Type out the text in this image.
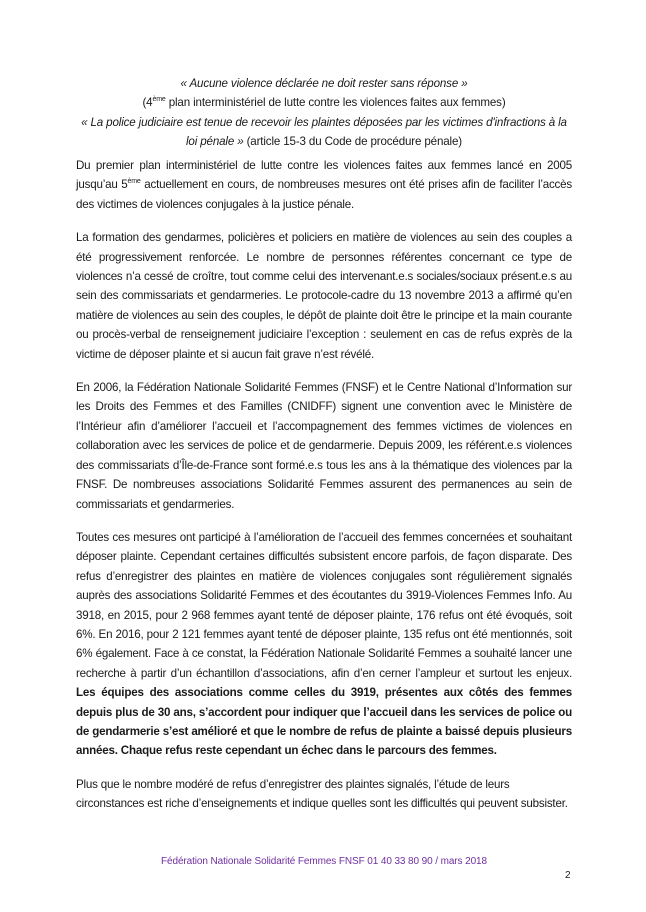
« Aucune violence déclarée ne doit rester sans réponse »
(4ème plan interministériel de lutte contre les violences faites aux femmes)
« La police judiciaire est tenue de recevoir les plaintes déposées par les victimes d'infractions à la loi pénale » (article 15-3 du Code de procédure pénale)

Du premier plan interministériel de lutte contre les violences faites aux femmes lancé en 2005 jusqu’au 5ème actuellement en cours, de nombreuses mesures ont été prises afin de faciliter l’accès des victimes de violences conjugales à la justice pénale.

La formation des gendarmes, policières et policiers en matière de violences au sein des couples a été progressivement renforcée. Le nombre de personnes référentes concernant ce type de violences n’a cessé de croître, tout comme celui des intervenant.e.s sociales/sociaux présent.e.s au sein des commissariats et gendarmeries. Le protocole-cadre du 13 novembre 2013 a affirmé qu’en matière de violences au sein des couples, le dépôt de plainte doit être le principe et la main courante ou procès-verbal de renseignement judiciaire l’exception : seulement en cas de refus exprès de la victime de déposer plainte et si aucun fait grave n’est révélé.

En 2006, la Fédération Nationale Solidarité Femmes (FNSF) et le Centre National d’Information sur les Droits des Femmes et des Familles (CNIDFF) signent une convention avec le Ministère de l’Intérieur afin d’améliorer l’accueil et l’accompagnement des femmes victimes de violences en collaboration avec les services de police et de gendarmerie. Depuis 2009, les référent.e.s violences des commissariats d’Île-de-France sont formé.e.s tous les ans à la thématique des violences par la FNSF. De nombreuses associations Solidarité Femmes assurent des permanences au sein de commissariats et gendarmeries.

Toutes ces mesures ont participé à l’amélioration de l’accueil des femmes concernées et souhaitant déposer plainte. Cependant certaines difficultés subsistent encore parfois, de façon disparate. Des refus d’enregistrer des plaintes en matière de violences conjugales sont régulièrement signalés auprès des associations Solidarité Femmes et des écoutantes du 3919-Violences Femmes Info. Au 3918, en 2015, pour 2 968 femmes ayant tenté de déposer plainte, 176 refus ont été évoqués, soit 6%. En 2016, pour 2 121 femmes ayant tenté de déposer plainte, 135 refus ont été mentionnés, soit 6% également. Face à ce constat, la Fédération Nationale Solidarité Femmes a souhaité lancer une recherche à partir d’un échantillon d’associations, afin d’en cerner l’ampleur et surtout les enjeux. Les équipes des associations comme celles du 3919, présentes aux côtés des femmes depuis plus de 30 ans, s’accordent pour indiquer que l’accueil dans les services de police ou de gendarmerie s’est amélioré et que le nombre de refus de plainte a baissé depuis plusieurs années. Chaque refus reste cependant un échec dans le parcours des femmes.

Plus que le nombre modéré de refus d’enregistrer des plaintes signalés, l’étude de leurs circonstances est riche d’enseignements et indique quelles sont les difficultés qui peuvent subsister.

Fédération Nationale Solidarité Femmes FNSF 01 40 33 80 90 / mars 2018
2
